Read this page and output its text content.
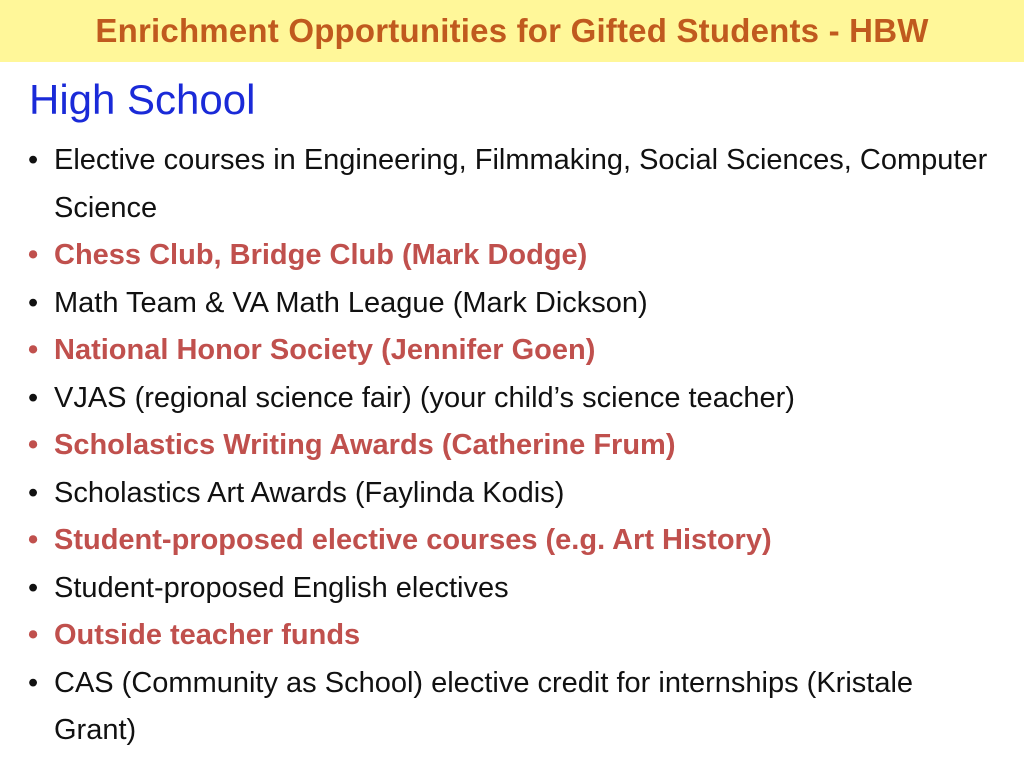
Enrichment Opportunities for Gifted Students - HBW
High School
• Elective courses in Engineering, Filmmaking, Social Sciences, Computer Science
• Chess Club, Bridge Club (Mark Dodge)
• Math Team & VA Math League (Mark Dickson)
• National Honor Society (Jennifer Goen)
• VJAS (regional science fair) (your child’s science teacher)
• Scholastics Writing Awards (Catherine Frum)
• Scholastics Art Awards (Faylinda Kodis)
• Student-proposed elective courses (e.g. Art History)
• Student-proposed English electives
• Outside teacher funds
• CAS (Community as School) elective credit for internships (Kristale Grant)
